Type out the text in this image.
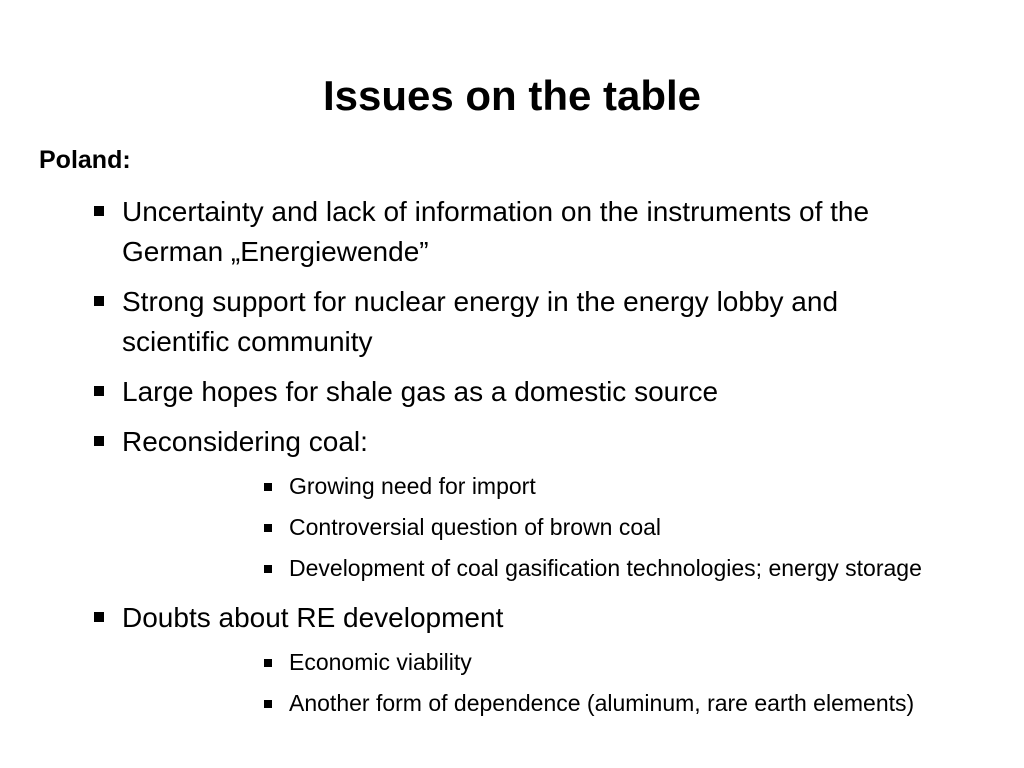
Issues on the table
Poland:
Uncertainty and lack of information on the instruments of the German „Energiewende”
Strong support for nuclear energy in the energy lobby and scientific community
Large hopes for shale gas as a domestic source
Reconsidering coal:
Growing need for import
Controversial question of brown coal
Development of coal gasification technologies; energy storage
Doubts about RE development
Economic viability
Another form of dependence (aluminum, rare earth elements)
